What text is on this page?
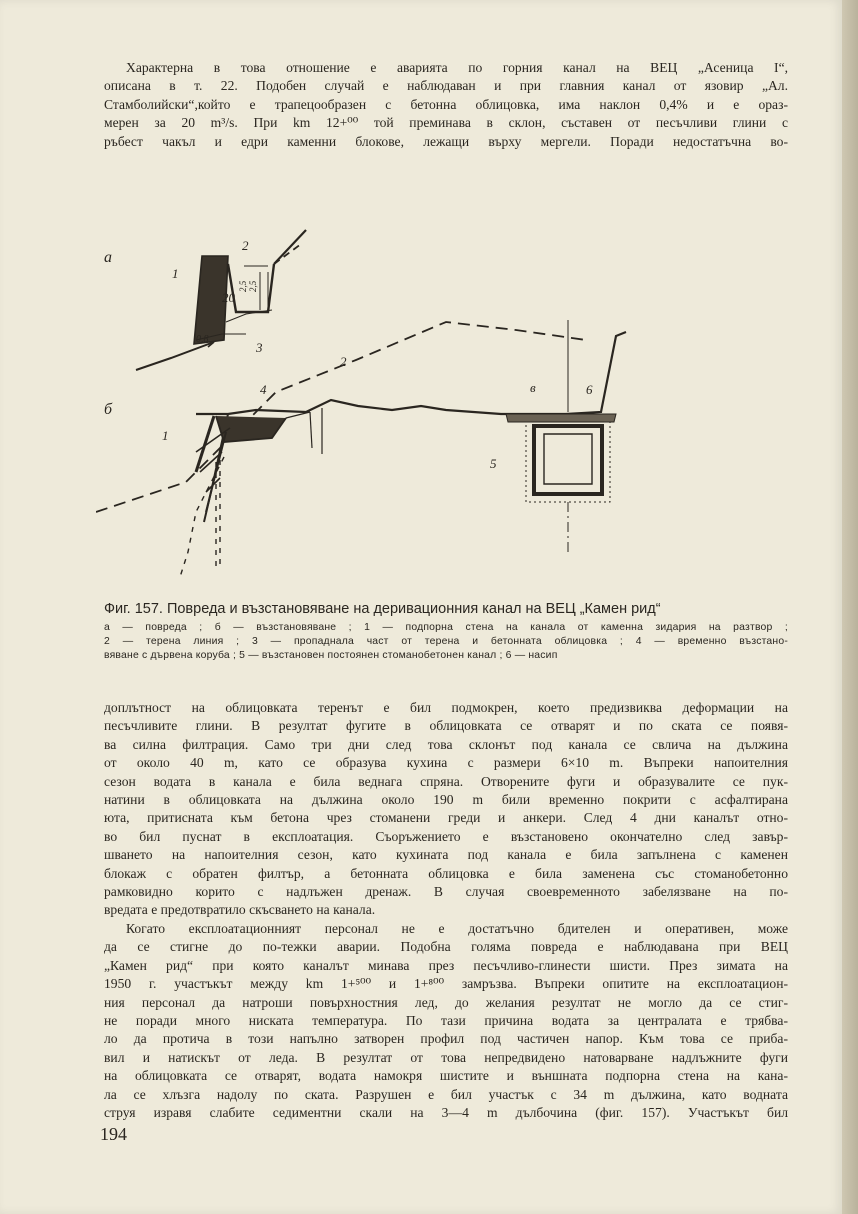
Характерна в това отношение е аварията по горния канал на ВЕЦ „Асеница I“,
описана в т. 22. Подобен случай е наблюдаван и при главния канал от язовир „Ал.
Стамболийски“,който е трапецообразен с бетонна облицовка, има наклон 0,4% и е ораз-
мерен за 20 m³/s. При km 12+⁰⁰ той преминава в склон, съставен от песъчливи глини с
ръбест чакъл и едри каменни блокове, лежащи върху мергели. Поради недостатъчна во-
а
б
1
2
3
20
0,8
2,5 2,5
1
2
4
5
6
в
Фиг. 157. Повреда и възстановяване на деривационния канал на ВЕЦ „Камен рид“
а — повреда ; б — възстановяване ; 1 — подпорна стена на канала от каменна зидария на разтвор ;
2 — терена линия ; 3 — пропаднала част от терена и бетонната облицовка ; 4 — временно възстано-
вяване с дървена коруба ; 5 — възстановен постоянен стоманобетонен канал ; 6 — насип
доплътност на облицовката теренът е бил подмокрен, което предизвиква деформации на
песъчливите глини. В резултат фугите в облицовката се отварят и по ската се появя-
ва силна филтрация. Само три дни след това склонът под канала се свлича на дължина
от около 40 m, като се образува кухина с размери 6×10 m. Въпреки напоителния
сезон водата в канала е била веднага спряна. Отворените фуги и образувалите се пук-
натини в облицовката на дължина около 190 m били временно покрити с асфалтирана
юта, притисната към бетона чрез стоманени греди и анкери. След 4 дни каналът отно-
во бил пуснат в експлоатация. Съоръжението е възстановено окончателно след завър-
шването на напоителния сезон, като кухината под канала е била запълнена с каменен
блокаж с обратен филтър, а бетонната облицовка е била заменена със стоманобетонно
рамковидно корито с надлъжен дренаж. В случая своевременното забелязване на по-
вредата е предотвратило скъсването на канала.
Когато експлоатационният персонал не е достатъчно бдителен и оперативен, може
да се стигне до по-тежки аварии. Подобна голяма повреда е наблюдавана при ВЕЦ
„Камен рид“ при която каналът минава през песъчливо-глинести шисти. През зимата на
1950 г. участъкът между km 1+⁵⁰⁰ и 1+⁸⁰⁰ замръзва. Въпреки опитите на експлоатацион-
ния персонал да натроши повърхностния лед, до желания резултат не могло да се стиг-
не поради много ниската температура. По тази причина водата за централата е трябва-
ло да протича в този напълно затворен профил под частичен напор. Към това се приба-
вил и натискът от леда. В резултат от това непредвидено натоварване надлъжните фуги
на облицовката се отварят, водата намокря шистите и външната подпорна стена на кана-
ла се хлъзга надолу по ската. Разрушен е бил участък с 34 m дължина, като водната
струя изравя слабите седиментни скали на 3—4 m дълбочина (фиг. 157). Участъкът бил
194
